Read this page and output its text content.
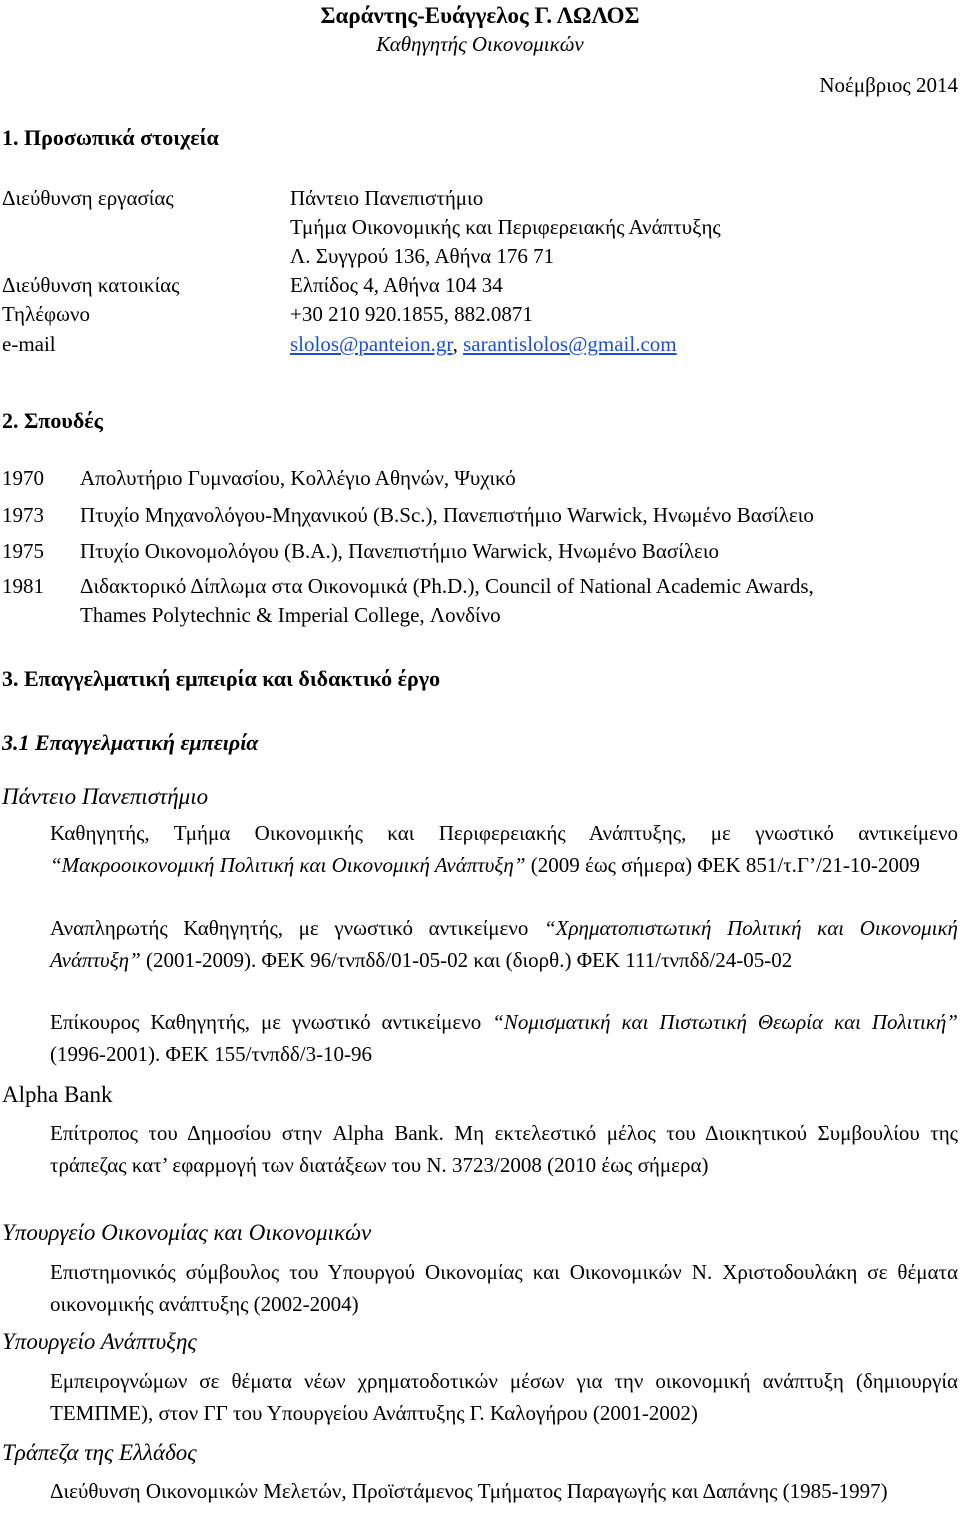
Σαράντης-Ευάγγελος Γ. ΛΩΛΟΣ
Καθηγητής Οικονομικών
Νοέμβριος 2014
1. Προσωπικά στοιχεία
Διεύθυνση εργασίας	Πάντειο Πανεπιστήμιο
Τμήμα Οικονομικής και Περιφερειακής Ανάπτυξης
Λ. Συγγρού 136, Αθήνα 176 71
Διεύθυνση κατοικίας	Ελπίδος 4, Αθήνα 104 34
Τηλέφωνο	+30 210 920.1855, 882.0871
e-mail	slolos@panteion.gr, sarantislolos@gmail.com
2. Σπουδές
1970 Απολυτήριο Γυμνασίου, Κολλέγιο Αθηνών, Ψυχικό
1973 Πτυχίο Μηχανολόγου-Μηχανικού (B.Sc.), Πανεπιστήμιο Warwick, Ηνωμένο Βασίλειο
1975 Πτυχίο Οικονομολόγου (B.A.), Πανεπιστήμιο Warwick, Ηνωμένο Βασίλειο
1981 Διδακτορικό Δίπλωμα στα Οικονομικά (Ph.D.), Council of National Academic Awards,
Thames Polytechnic & Imperial College, Λονδίνο
3. Επαγγελματική εμπειρία και διδακτικό έργο
3.1 Επαγγελματική εμπειρία
Πάντειο Πανεπιστήμιο
Καθηγητής, Τμήμα Οικονομικής και Περιφερειακής Ανάπτυξης, με γνωστικό αντικείμενο “Μακροοικονομική Πολιτική και Οικονομική Ανάπτυξη” (2009 έως σήμερα) ΦΕΚ 851/τ.Γ’/21-10-2009
Αναπληρωτής Καθηγητής, με γνωστικό αντικείμενο “Χρηματοπιστωτική Πολιτική και Οικονομική Ανάπτυξη” (2001-2009). ΦΕΚ 96/τνπδδ/01-05-02 και (διορθ.) ΦΕΚ 111/τνπδδ/24-05-02
Επίκουρος Καθηγητής, με γνωστικό αντικείμενο “Νομισματική και Πιστωτική Θεωρία και Πολιτική” (1996-2001). ΦΕΚ 155/τνπδδ/3-10-96
Alpha Bank
Επίτροπος του Δημοσίου στην Alpha Bank. Μη εκτελεστικό μέλος του Διοικητικού Συμβουλίου της τράπεζας κατ’ εφαρμογή των διατάξεων του Ν. 3723/2008 (2010 έως σήμερα)
Υπουργείο Οικονομίας και Οικονομικών
Επιστημονικός σύμβουλος του Υπουργού Οικονομίας και Οικονομικών Ν. Χριστοδουλάκη σε θέματα οικονομικής ανάπτυξης (2002-2004)
Υπουργείο Ανάπτυξης
Εμπειρογνώμων σε θέματα νέων χρηματοδοτικών μέσων για την οικονομική ανάπτυξη (δημιουργία ΤΕΜΠΜΕ), στον ΓΓ του Υπουργείου Ανάπτυξης Γ. Καλογήρου (2001-2002)
Τράπεζα της Ελλάδος
Διεύθυνση Οικονομικών Μελετών, Προϊστάμενος Τμήματος Παραγωγής και Δαπάνης (1985-1997)
